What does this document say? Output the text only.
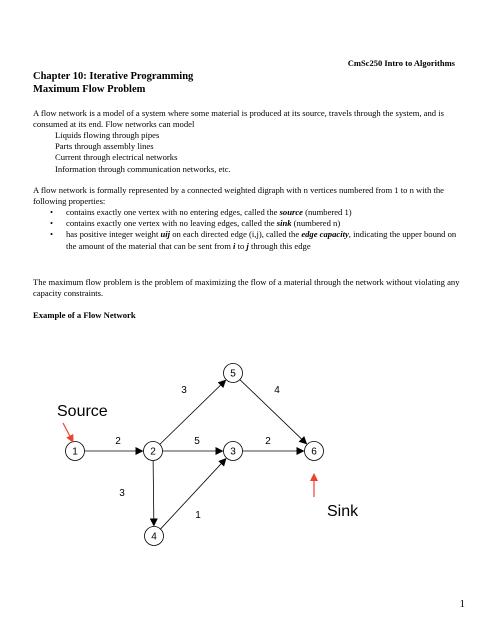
CmSc250 Intro to Algorithms
Chapter 10: Iterative Programming
Maximum Flow Problem
A flow network is a model of a system where some material is produced at its source, travels through the system, and is consumed at its end. Flow networks can model
Liquids flowing through pipes
Parts through assembly lines
Current through electrical networks
Information through communication networks, etc.
A flow network is formally represented by a connected weighted digraph with n vertices numbered from 1 to n with the following properties:
• contains exactly one vertex with no entering edges, called the source (numbered 1)
• contains exactly one vertex with no leaving edges, called the sink (numbered n)
• has positive integer weight uij on each directed edge (i,j), called the edge capacity, indicating the upper bound on the amount of the material that can be sent from i to j through this edge
The maximum flow problem is the problem of maximizing the flow of a material through the network without violating any capacity constraints.
Example of a Flow Network
2	5
3	4
2
3
1
1	2	3
4
5
6
Source
Sink
1
